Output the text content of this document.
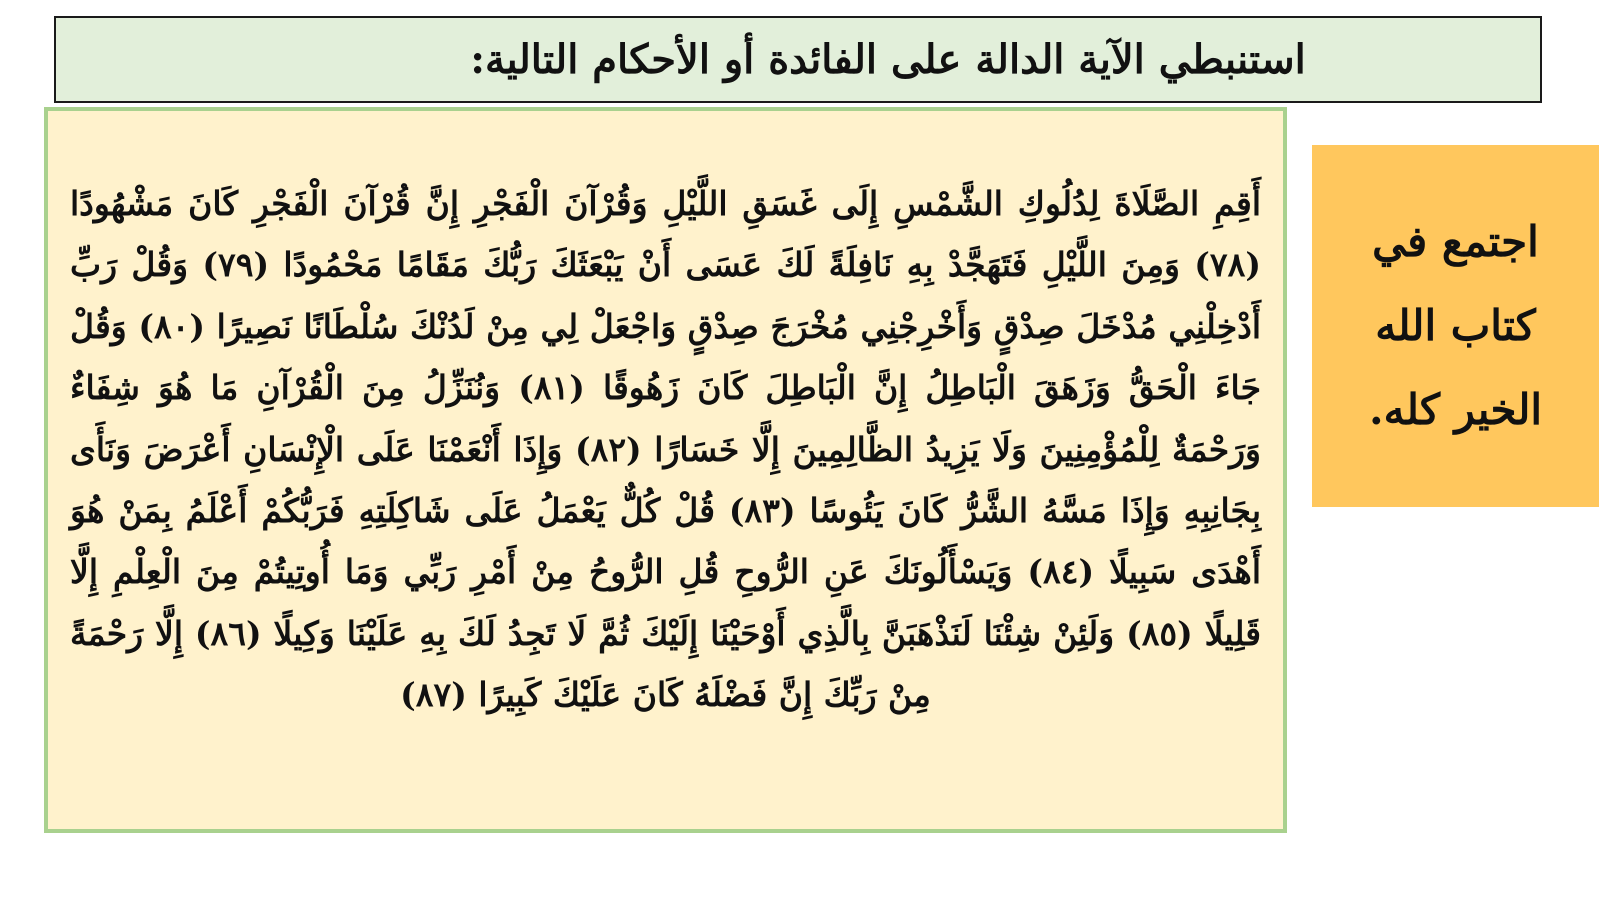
استنبطي الآية الدالة على الفائدة أو الأحكام التالية:
أَقِمِ الصَّلَاةَ لِدُلُوكِ الشَّمْسِ إِلَى غَسَقِ اللَّيْلِ وَقُرْآنَ الْفَجْرِ إِنَّ قُرْآنَ الْفَجْرِ كَانَ مَشْهُودًا (٧٨) وَمِنَ اللَّيْلِ فَتَهَجَّدْ بِهِ نَافِلَةً لَكَ عَسَى أَنْ يَبْعَثَكَ رَبُّكَ مَقَامًا مَحْمُودًا (٧٩) وَقُلْ رَبِّ أَدْخِلْنِي مُدْخَلَ صِدْقٍ وَأَخْرِجْنِي مُخْرَجَ صِدْقٍ وَاجْعَلْ لِي مِنْ لَدُنْكَ سُلْطَانًا نَصِيرًا (٨٠) وَقُلْ جَاءَ الْحَقُّ وَزَهَقَ الْبَاطِلُ إِنَّ الْبَاطِلَ كَانَ زَهُوقًا (٨١) وَنُنَزِّلُ مِنَ الْقُرْآنِ مَا هُوَ شِفَاءٌ وَرَحْمَةٌ لِلْمُؤْمِنِينَ وَلَا يَزِيدُ الظَّالِمِينَ إِلَّا خَسَارًا (٨٢) وَإِذَا أَنْعَمْنَا عَلَى الْإِنْسَانِ أَعْرَضَ وَنَأَى بِجَانِبِهِ وَإِذَا مَسَّهُ الشَّرُّ كَانَ يَئُوسًا (٨٣) قُلْ كُلٌّ يَعْمَلُ عَلَى شَاكِلَتِهِ فَرَبُّكُمْ أَعْلَمُ بِمَنْ هُوَ أَهْدَى سَبِيلًا (٨٤) وَيَسْأَلُونَكَ عَنِ الرُّوحِ قُلِ الرُّوحُ مِنْ أَمْرِ رَبِّي وَمَا أُوتِيتُمْ مِنَ الْعِلْمِ إِلَّا قَلِيلًا (٨٥) وَلَئِنْ شِئْنَا لَنَذْهَبَنَّ بِالَّذِي أَوْحَيْنَا إِلَيْكَ ثُمَّ لَا تَجِدُ لَكَ بِهِ عَلَيْنَا وَكِيلًا (٨٦) إِلَّا رَحْمَةً مِنْ رَبِّكَ إِنَّ فَضْلَهُ كَانَ عَلَيْكَ كَبِيرًا (٨٧)
اجتمع في كتاب الله الخير كله.
